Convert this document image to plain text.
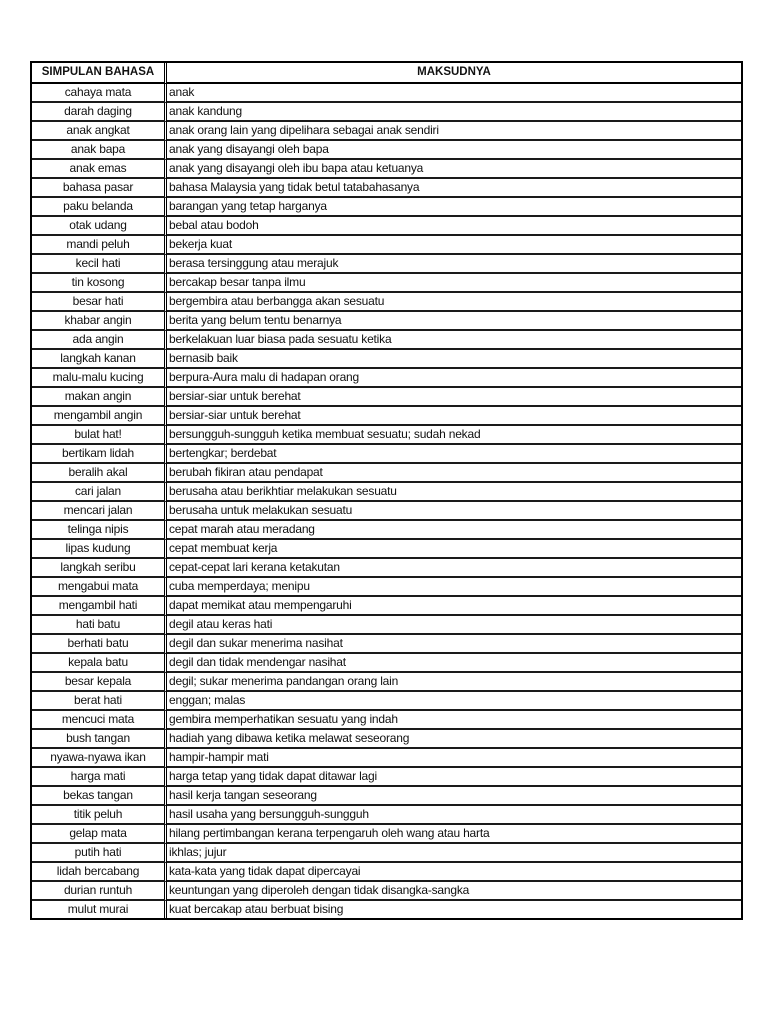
SIMPULAN BAHASA	MAKSUDNYA
cahaya mata	anak
darah daging	anak kandung
anak angkat	anak orang lain yang dipelihara sebagai anak sendiri
anak bapa	anak yang disayangi oleh bapa
anak emas	anak yang disayangi oleh ibu bapa atau ketuanya
bahasa pasar	bahasa Malaysia yang tidak betul tatabahasanya
paku belanda	barangan yang tetap harganya
otak udang	bebal atau bodoh
mandi peluh	bekerja kuat
kecil hati	berasa tersinggung atau merajuk
tin kosong	bercakap besar tanpa ilmu
besar hati	bergembira atau berbangga akan sesuatu
khabar angin	berita yang belum tentu benarnya
ada angin	berkelakuan luar biasa pada sesuatu ketika
langkah kanan	bernasib baik
malu-malu kucing	berpura-Aura malu di hadapan orang
makan angin	bersiar-siar untuk berehat
mengambil angin	bersiar-siar untuk berehat
bulat hat!	bersungguh-sungguh ketika membuat sesuatu; sudah nekad
bertikam lidah	bertengkar; berdebat
beralih akal	berubah fikiran atau pendapat
cari jalan	berusaha atau berikhtiar melakukan sesuatu
mencari jalan	berusaha untuk melakukan sesuatu
telinga nipis	cepat marah atau meradang
lipas kudung	cepat membuat kerja
langkah seribu	cepat-cepat lari kerana ketakutan
mengabui mata	cuba memperdaya; menipu
mengambil hati	dapat memikat atau mempengaruhi
hati batu	degil atau keras hati
berhati batu	degil dan sukar menerima nasihat
kepala batu	degil dan tidak mendengar nasihat
besar kepala	degil; sukar menerima pandangan orang lain
berat hati	enggan; malas
mencuci mata	gembira memperhatikan sesuatu yang indah
bush tangan	hadiah yang dibawa ketika melawat seseorang
nyawa-nyawa ikan	hampir-hampir mati
harga mati	harga tetap yang tidak dapat ditawar lagi
bekas tangan	hasil kerja tangan seseorang
titik peluh	hasil usaha yang bersungguh-sungguh
gelap mata	hilang pertimbangan kerana terpengaruh oleh wang atau harta
putih hati	ikhlas; jujur
lidah bercabang	kata-kata yang tidak dapat dipercayai
durian runtuh	keuntungan yang diperoleh dengan tidak disangka-sangka
mulut murai	kuat bercakap atau berbuat bising
